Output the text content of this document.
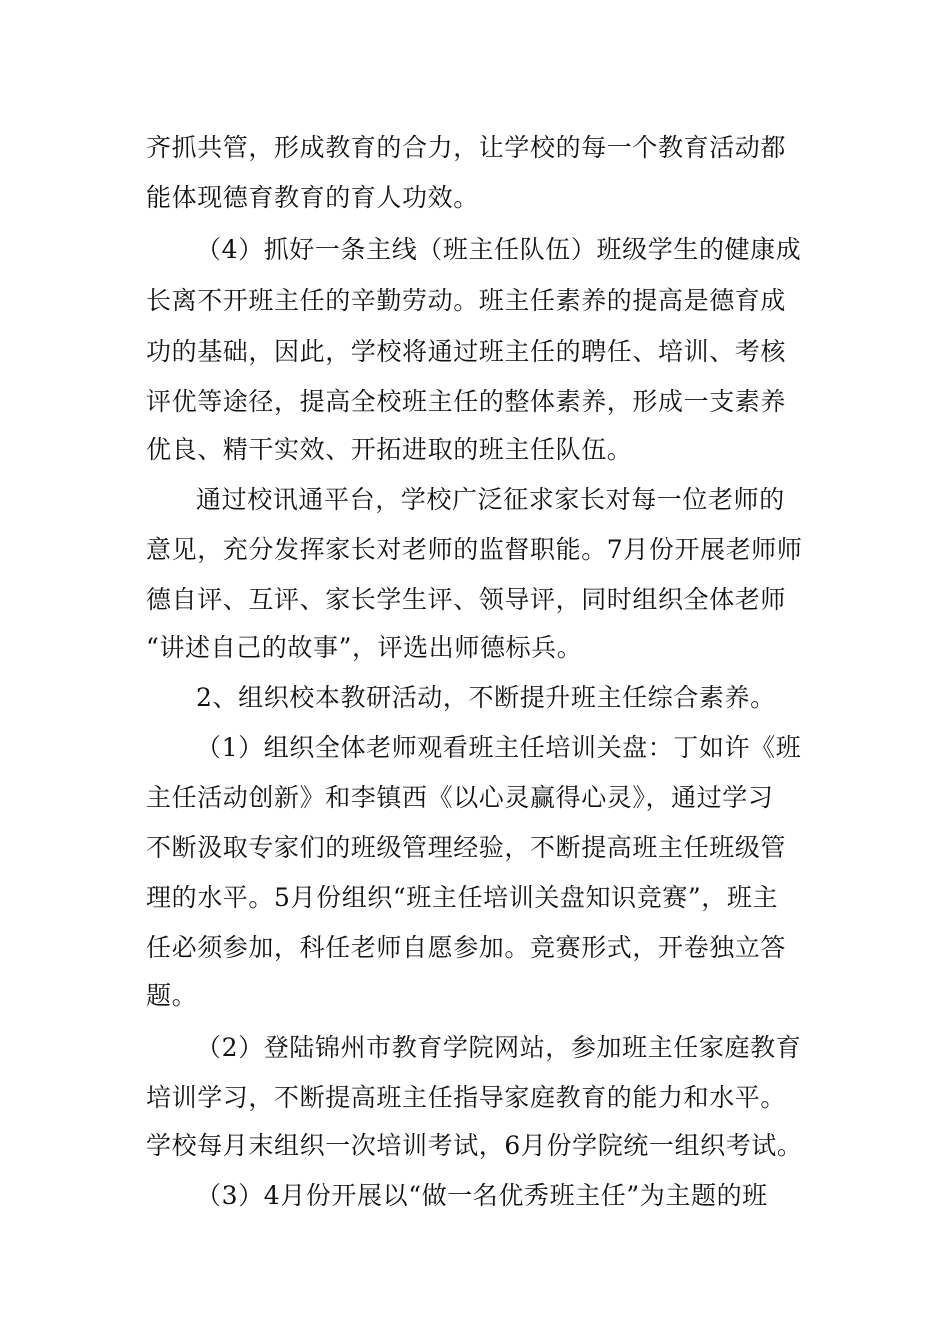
齐抓共管，形成教育的合力，让学校的每一个教育活动都
能体现德育教育的育人功效。
（4）抓好一条主线（班主任队伍）班级学生的健康成
长离不开班主任的辛勤劳动。班主任素养的提高是德育成
功的基础，因此，学校将通过班主任的聘任、培训、考核
评优等途径，提高全校班主任的整体素养，形成一支素养
优良、精干实效、开拓进取的班主任队伍。
通过校讯通平台，学校广泛征求家长对每一位老师的
意见，充分发挥家长对老师的监督职能。7月份开展老师师
德自评、互评、家长学生评、领导评，同时组织全体老师
“讲述自己的故事”，评选出师德标兵。
2、组织校本教研活动，不断提升班主任综合素养。
（1）组织全体老师观看班主任培训关盘：丁如许《班
主任活动创新》和李镇西《以心灵赢得心灵》，通过学习
不断汲取专家们的班级管理经验，不断提高班主任班级管
理的水平。5月份组织“班主任培训关盘知识竞赛”，班主
任必须参加，科任老师自愿参加。竞赛形式，开卷独立答
题。
（2）登陆锦州市教育学院网站，参加班主任家庭教育
培训学习，不断提高班主任指导家庭教育的能力和水平。
学校每月末组织一次培训考试，6月份学院统一组织考试。
（3）4月份开展以“做一名优秀班主任”为主题的班
